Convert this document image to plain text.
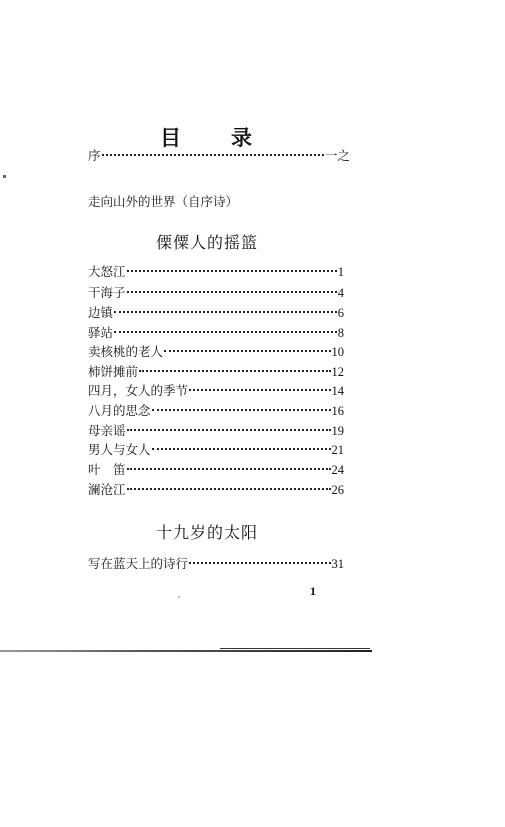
目 录
序	一之
走向山外的世界（自序诗）
傈僳人的摇篮
大怒江	1
干海子	4
边镇	6
驿站	8
卖核桃的老人	10
柿饼摊前	12
四月，女人的季节	14
八月的思念	16
母亲谣	19
男人与女人	21
叶　笛	24
澜沧江	26
十九岁的太阳
写在蓝天上的诗行	31
1
